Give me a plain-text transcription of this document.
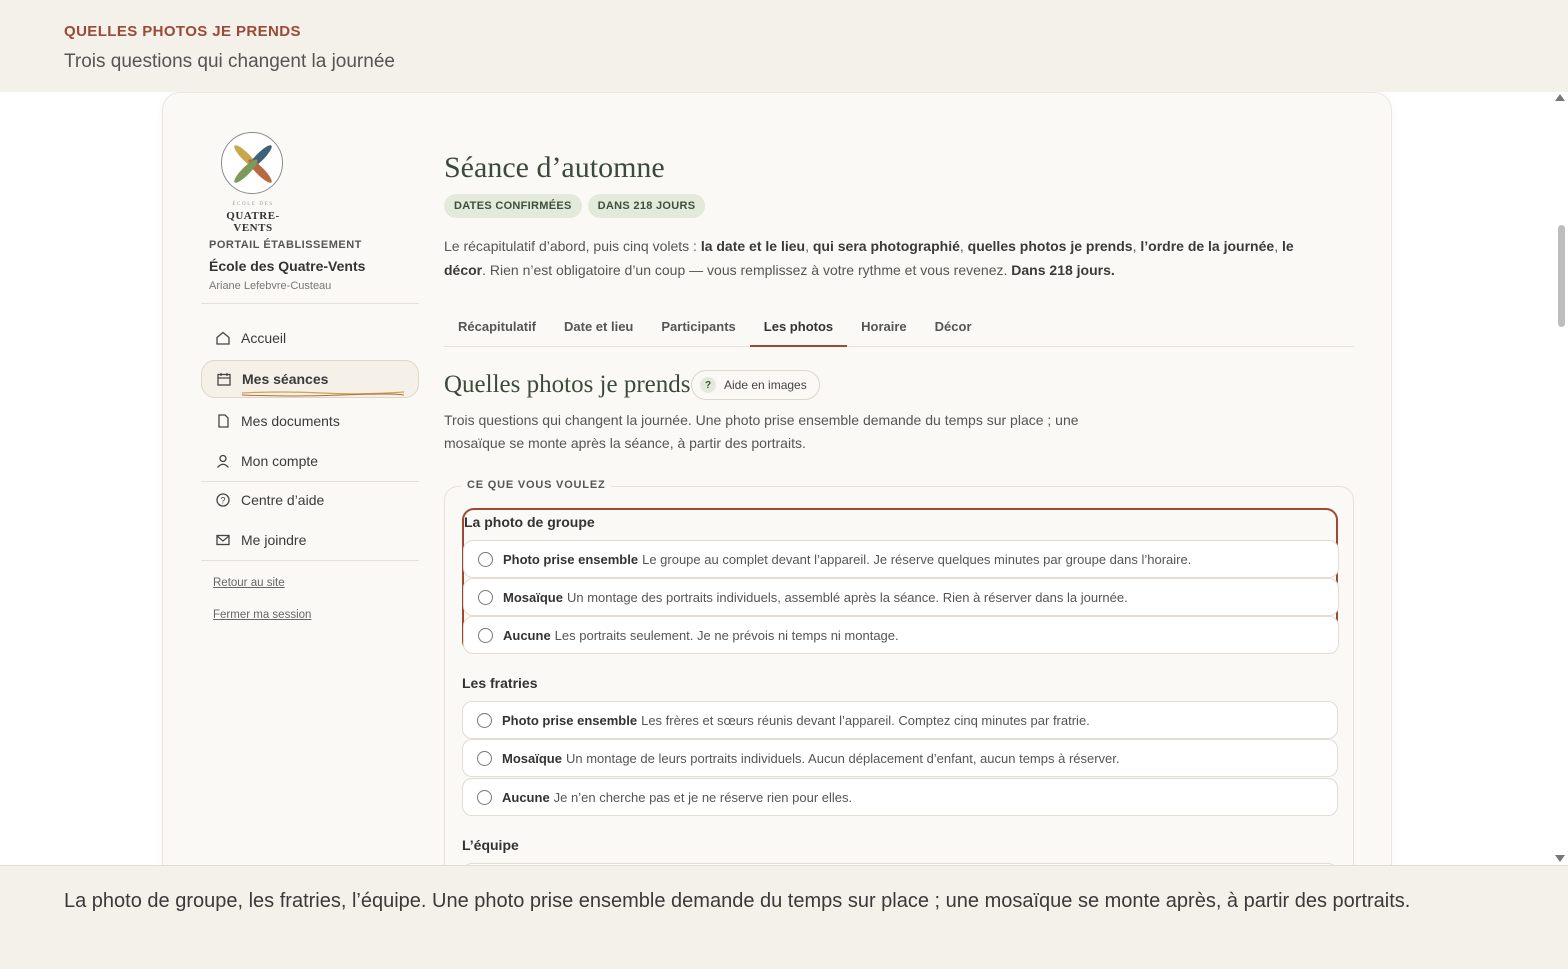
QUELLES PHOTOS JE PRENDS
Trois questions qui changent la journée
ÉCOLE DES
QUATRE-VENTS
PORTAIL ÉTABLISSEMENT
École des Quatre-Vents
Ariane Lefebvre-Custeau
Accueil
Mes séances
Mes documents
Mon compte
? Centre d’aide
Me joindre
Retour au site
Fermer ma session
Séance d’automne
DATES CONFIRMÉES	DANS 218 JOURS
Le récapitulatif d’abord, puis cinq volets : la date et le lieu, qui sera photographié, quelles photos je prends, l’ordre de la journée, le décor. Rien n’est obligatoire d’un coup — vous remplissez à votre rythme et vous revenez. Dans 218 jours.
Récapitulatif	Date et lieu	Participants	Les photos	Horaire	Décor
Quelles photos je prends	?	Aide en images
Trois questions qui changent la journée. Une photo prise ensemble demande du temps sur place ; une mosaïque se monte après la séance, à partir des portraits.
CE QUE VOUS VOULEZ
La photo de groupe
Photo prise ensemble Le groupe au complet devant l’appareil. Je réserve quelques minutes par groupe dans l’horaire.
Mosaïque Un montage des portraits individuels, assemblé après la séance. Rien à réserver dans la journée.
Aucune Les portraits seulement. Je ne prévois ni temps ni montage.
Les fratries
Photo prise ensemble Les frères et sœurs réunis devant l’appareil. Comptez cinq minutes par fratrie.
Mosaïque Un montage de leurs portraits individuels. Aucun déplacement d’enfant, aucun temps à réserver.
Aucune Je n’en cherche pas et je ne réserve rien pour elles.
L’équipe

La photo de groupe, les fratries, l’équipe. Une photo prise ensemble demande du temps sur place ; une mosaïque se monte après, à partir des portraits.
